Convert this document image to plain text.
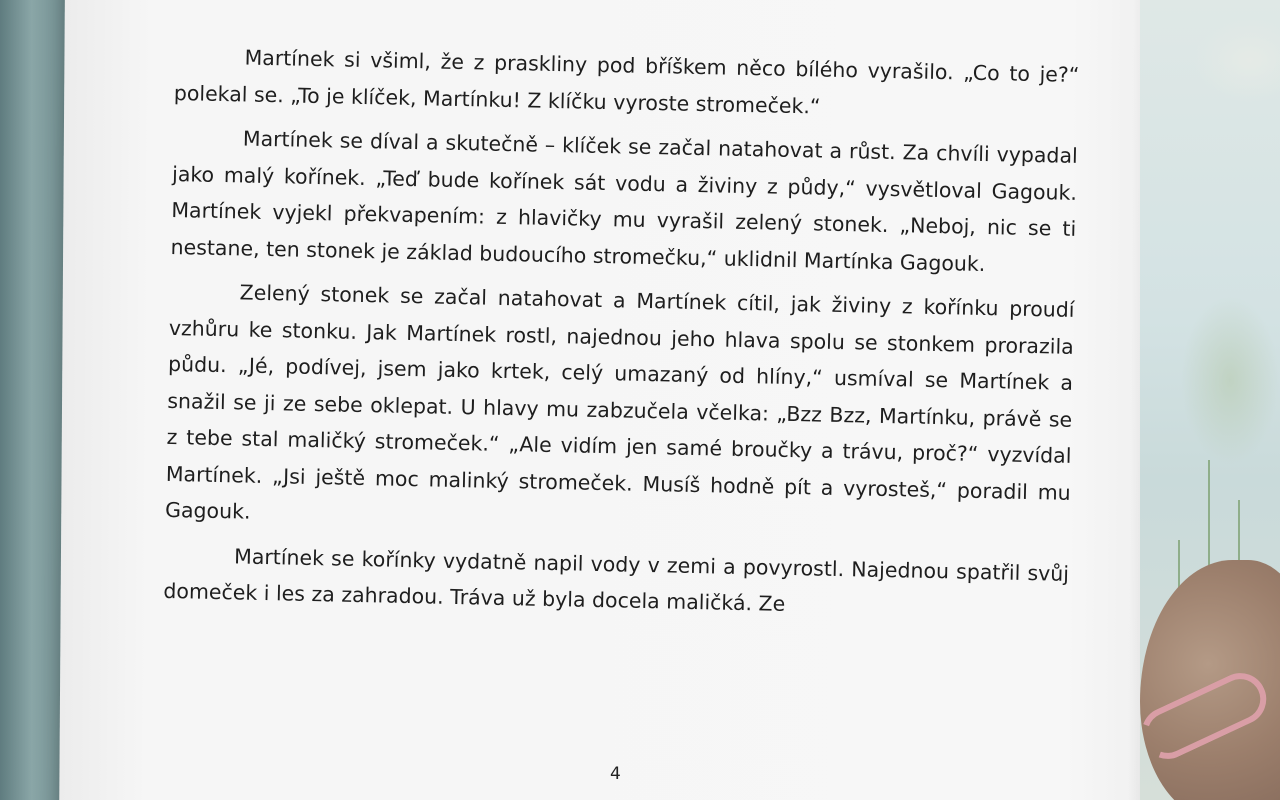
Martínek si všiml, že z praskliny pod bříškem něco bílého vyrašilo. „Co to je?“ polekal se. „To je klíček, Martínku! Z klíčku vyroste stromeček.“

Martínek se díval a skutečně – klíček se začal natahovat a růst. Za chvíli vypadal jako malý kořínek. „Teď bude kořínek sát vodu a živiny z půdy,“ vysvětloval Gagouk. Martínek vyjekl překvapením: z hlavičky mu vyrašil zelený stonek. „Neboj, nic se ti nestane, ten stonek je základ budoucího stromečku,“ uklidnil Martínka Gagouk.

Zelený stonek se začal natahovat a Martínek cítil, jak živiny z kořínku proudí vzhůru ke stonku. Jak Martínek rostl, najednou jeho hlava spolu se stonkem prorazila půdu. „Jé, podívej, jsem jako krtek, celý umazaný od hlíny,“ usmíval se Martínek a snažil se ji ze sebe oklepat. U hlavy mu zabzučela včelka: „Bzz Bzz, Martínku, právě se z tebe stal maličký stromeček.“ „Ale vidím jen samé broučky a trávu, proč?“ vyzvídal Martínek. „Jsi ještě moc malinký stromeček. Musíš hodně pít a vyrosteš,“ poradil mu Gagouk.

Martínek se kořínky vydatně napil vody v zemi a povyrostl. Najednou spatřil svůj domeček i les za zahradou. Tráva už byla docela maličká. Ze

4
